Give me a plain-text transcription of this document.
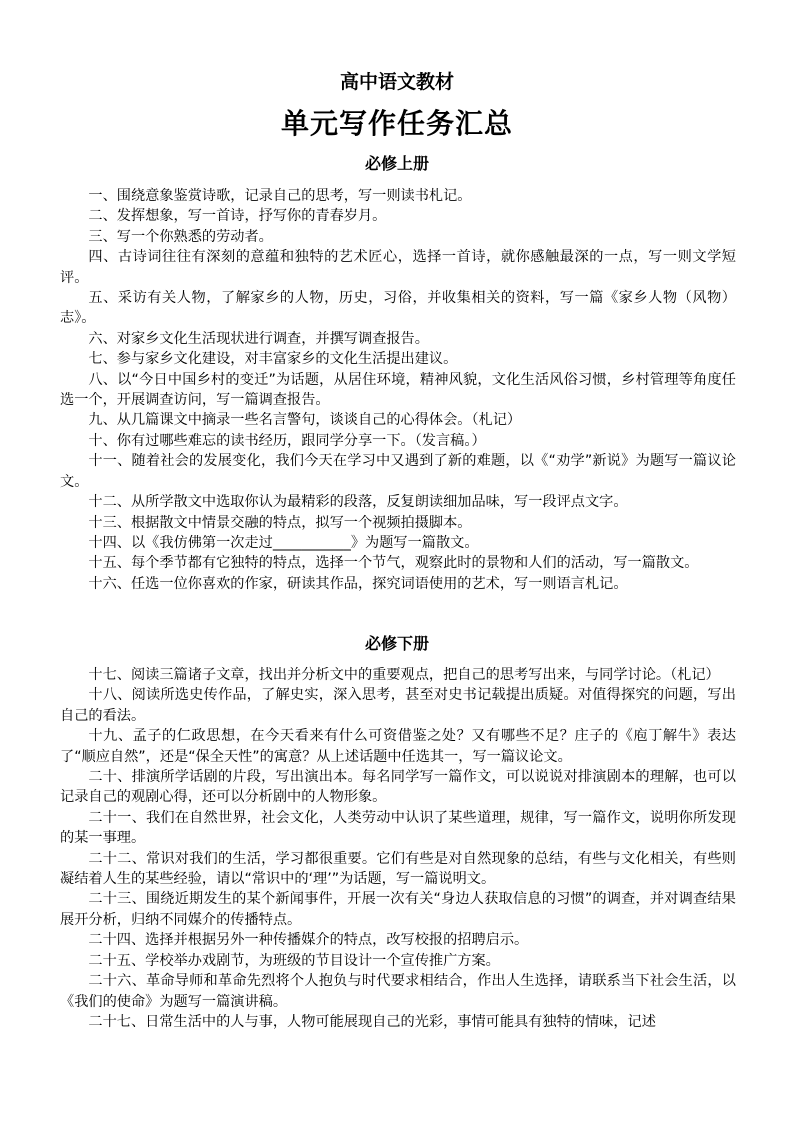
高中语文教材
单元写作任务汇总
必修上册

一、围绕意象鉴赏诗歌，记录自己的思考，写一则读书札记。

二、发挥想象，写一首诗，抒写你的青春岁月。

三、写一个你熟悉的劳动者。

四、古诗词往往有深刻的意蕴和独特的艺术匠心，选择一首诗，就你感触最深的一点，写一则文学短评。

五、采访有关人物，了解家乡的人物，历史，习俗，并收集相关的资料，写一篇《家乡人物（风物）志》。

六、对家乡文化生活现状进行调查，并撰写调查报告。

七、参与家乡文化建设，对丰富家乡的文化生活提出建议。

八、以“今日中国乡村的变迁”为话题，从居住环境，精神风貌，文化生活风俗习惯，乡村管理等角度任选一个，开展调查访问，写一篇调查报告。

九、从几篇课文中摘录一些名言警句，谈谈自己的心得体会。（札记）

十、你有过哪些难忘的读书经历，跟同学分享一下。（发言稿。）

十一、随着社会的发展变化，我们今天在学习中又遇到了新的难题，以《“劝学”新说》为题写一篇议论文。

十二、从所学散文中选取你认为最精彩的段落，反复朗读细加品味，写一段评点文字。

十三、根据散文中情景交融的特点，拟写一个视频拍摄脚本。

十四、以《我仿佛第一次走过___________》为题写一篇散文。

十五、每个季节都有它独特的特点，选择一个节气，观察此时的景物和人们的活动，写一篇散文。

十六、任选一位你喜欢的作家，研读其作品，探究词语使用的艺术，写一则语言札记。

必修下册

十七、阅读三篇诸子文章，找出并分析文中的重要观点，把自己的思考写出来，与同学讨论。（札记）

十八、阅读所选史传作品，了解史实，深入思考，甚至对史书记载提出质疑。对值得探究的问题，写出自己的看法。

十九、孟子的仁政思想，在今天看来有什么可资借鉴之处？又有哪些不足？庄子的《庖丁解牛》表达了“顺应自然”，还是“保全天性”的寓意？从上述话题中任选其一，写一篇议论文。

二十、排演所学话剧的片段，写出演出本。每名同学写一篇作文，可以说说对排演剧本的理解，也可以记录自己的观剧心得，还可以分析剧中的人物形象。

二十一、我们在自然世界，社会文化，人类劳动中认识了某些道理，规律，写一篇作文，说明你所发现的某一事理。

二十二、常识对我们的生活，学习都很重要。它们有些是对自然现象的总结，有些与文化相关，有些则凝结着人生的某些经验，请以“常识中的‘理’”为话题，写一篇说明文。

二十三、围绕近期发生的某个新闻事件，开展一次有关“身边人获取信息的习惯”的调查，并对调查结果展开分析，归纳不同媒介的传播特点。

二十四、选择并根据另外一种传播媒介的特点，改写校报的招聘启示。

二十五、学校举办戏剧节，为班级的节目设计一个宣传推广方案。

二十六、革命导师和革命先烈将个人抱负与时代要求相结合，作出人生选择，请联系当下社会生活，以《我们的使命》为题写一篇演讲稿。

二十七、日常生活中的人与事，人物可能展现自己的光彩，事情可能具有独特的情味，记述
